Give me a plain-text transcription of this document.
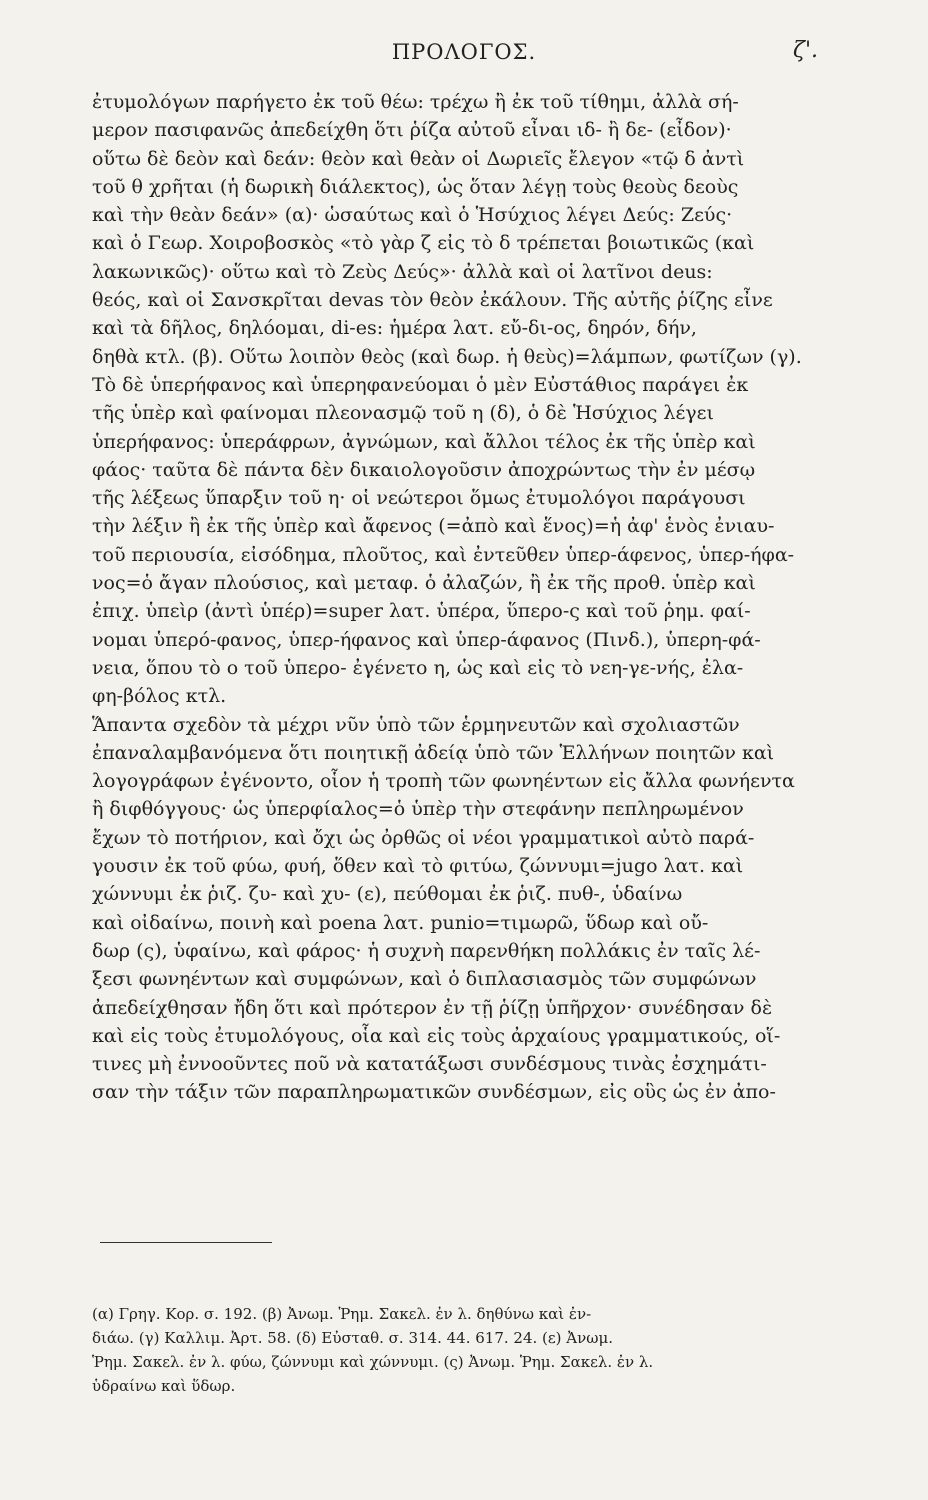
ΠΡΟΛΟΓΟΣ.	ζ'.
ἐτυμολόγων παρήγετο ἐκ τοῦ θέω: τρέχω ἢ ἐκ τοῦ τίθημι, ἀλλὰ σή-
μερον πασιφανῶς ἀπεδείχθη ὅτι ῥίζα αὐτοῦ εἶναι ιδ- ἢ δε- (εἶδον)·
οὕτω δὲ δεὸν καὶ δεάν: θεὸν καὶ θεὰν οἱ Δωριεῖς ἔλεγον «τῷ δ ἀντὶ
τοῦ θ χρῆται (ἡ δωρικὴ διάλεκτος), ὡς ὅταν λέγῃ τοὺς θεοὺς δεοὺς
καὶ τὴν θεὰν δεάν» (α)· ὡσαύτως καὶ ὁ Ἡσύχιος λέγει Δεύς: Ζεύς·
καὶ ὁ Γεωρ. Χοιροβοσκὸς «τὸ γὰρ ζ εἰς τὸ δ τρέπεται βοιωτικῶς (καὶ
λακωνικῶς)· οὕτω καὶ τὸ Ζεὺς Δεύς»· ἀλλὰ καὶ οἱ λατῖνοι deus:
θεός, καὶ οἱ Σανσκρῖται devas τὸν θεὸν ἐκάλουν. Τῆς αὐτῆς ῥίζης εἶνε
καὶ τὰ δῆλος, δηλόομαι, di-es: ἡμέρα λατ. εὔ-δι-ος, δηρόν, δήν,
δηθὰ κτλ. (β). Οὕτω λοιπὸν θεὸς (καὶ δωρ. ἡ θεὺς)=λάμπων, φωτίζων (γ).
Τὸ δὲ ὑπερήφανος καὶ ὑπερηφανεύομαι ὁ μὲν Εὐστάθιος παράγει ἐκ
τῆς ὑπὲρ καὶ φαίνομαι πλεονασμῷ τοῦ η (δ), ὁ δὲ Ἡσύχιος λέγει
ὑπερήφανος: ὑπεράφρων, ἀγνώμων, καὶ ἄλλοι τέλος ἐκ τῆς ὑπὲρ καὶ
φάος· ταῦτα δὲ πάντα δὲν δικαιολογοῦσιν ἀποχρώντως τὴν ἐν μέσῳ
τῆς λέξεως ὕπαρξιν τοῦ η· οἱ νεώτεροι ὅμως ἐτυμολόγοι παράγουσι
τὴν λέξιν ἢ ἐκ τῆς ὑπὲρ καὶ ἄφενος (=ἀπὸ καὶ ἕνος)=ἡ ἀφ' ἑνὸς ἐνιαυ-
τοῦ περιουσία, εἰσόδημα, πλοῦτος, καὶ ἐντεῦθεν ὑπερ-άφενος, ὑπερ-ήφα-
νος=ὁ ἄγαν πλούσιος, καὶ μεταφ. ὁ ἀλαζών, ἢ ἐκ τῆς προθ. ὑπὲρ καὶ
ἐπιχ. ὑπεὶρ (ἀντὶ ὑπέρ)=super λατ. ὑπέρα, ὕπερο-ς καὶ τοῦ ῥημ. φαί-
νομαι ὑπερό-φανος, ὑπερ-ήφανος καὶ ὑπερ-άφανος (Πινδ.), ὑπερη-φά-
νεια, ὅπου τὸ ο τοῦ ὑπερο- ἐγένετο η, ὡς καὶ εἰς τὸ νεη-γε-νής, ἐλα-
φη-βόλος κτλ.
Ἅπαντα σχεδὸν τὰ μέχρι νῦν ὑπὸ τῶν ἑρμηνευτῶν καὶ σχολιαστῶν
ἐπαναλαμβανόμενα ὅτι ποιητικῇ ἀδείᾳ ὑπὸ τῶν Ἑλλήνων ποιητῶν καὶ
λογογράφων ἐγένοντο, οἷον ἡ τροπὴ τῶν φωνηέντων εἰς ἄλλα φωνήεντα
ἢ διφθόγγους· ὡς ὑπερφίαλος=ὁ ὑπὲρ τὴν στεφάνην πεπληρωμένον
ἔχων τὸ ποτήριον, καὶ ὄχι ὡς ὀρθῶς οἱ νέοι γραμματικοὶ αὐτὸ παρά-
γουσιν ἐκ τοῦ φύω, φυή, ὅθεν καὶ τὸ φιτύω, ζώννυμι=jugo λατ. καὶ
χώννυμι ἐκ ῥιζ. ζυ- καὶ χυ- (ε), πεύθομαι ἐκ ῥιζ. πυθ-, ὑδαίνω
καὶ οἰδαίνω, ποινὴ καὶ poena λατ. punio=τιμωρῶ, ὕδωρ καὶ οὔ-
δωρ (ς), ὑφαίνω, καὶ φάρος· ἡ συχνὴ παρενθήκη πολλάκις ἐν ταῖς λέ-
ξεσι φωνηέντων καὶ συμφώνων, καὶ ὁ διπλασιασμὸς τῶν συμφώνων
ἀπεδείχθησαν ἤδη ὅτι καὶ πρότερον ἐν τῇ ῥίζῃ ὑπῆρχον· συνέδησαν δὲ
καὶ εἰς τοὺς ἐτυμολόγους, οἷα καὶ εἰς τοὺς ἀρχαίους γραμματικούς, οἵ-
τινες μὴ ἐννοοῦντες ποῦ νὰ κατατάξωσι συνδέσμους τινὰς ἐσχημάτι-
σαν τὴν τάξιν τῶν παραπληρωματικῶν συνδέσμων, εἰς οὓς ὡς ἐν ἀπο-
(α) Γρηγ. Κορ. σ. 192. (β) Ἀνωμ. Ῥημ. Σακελ. ἐν λ. δηθύνω καὶ ἐν-
διάω. (γ) Καλλιμ. Ἀρτ. 58. (δ) Εὐσταθ. σ. 314. 44. 617. 24. (ε) Ἀνωμ.
Ῥημ. Σακελ. ἐν λ. φύω, ζώννυμι καὶ χώννυμι. (ς) Ἀνωμ. Ῥημ. Σακελ. ἐν λ.
ὑδραίνω καὶ ὕδωρ.
